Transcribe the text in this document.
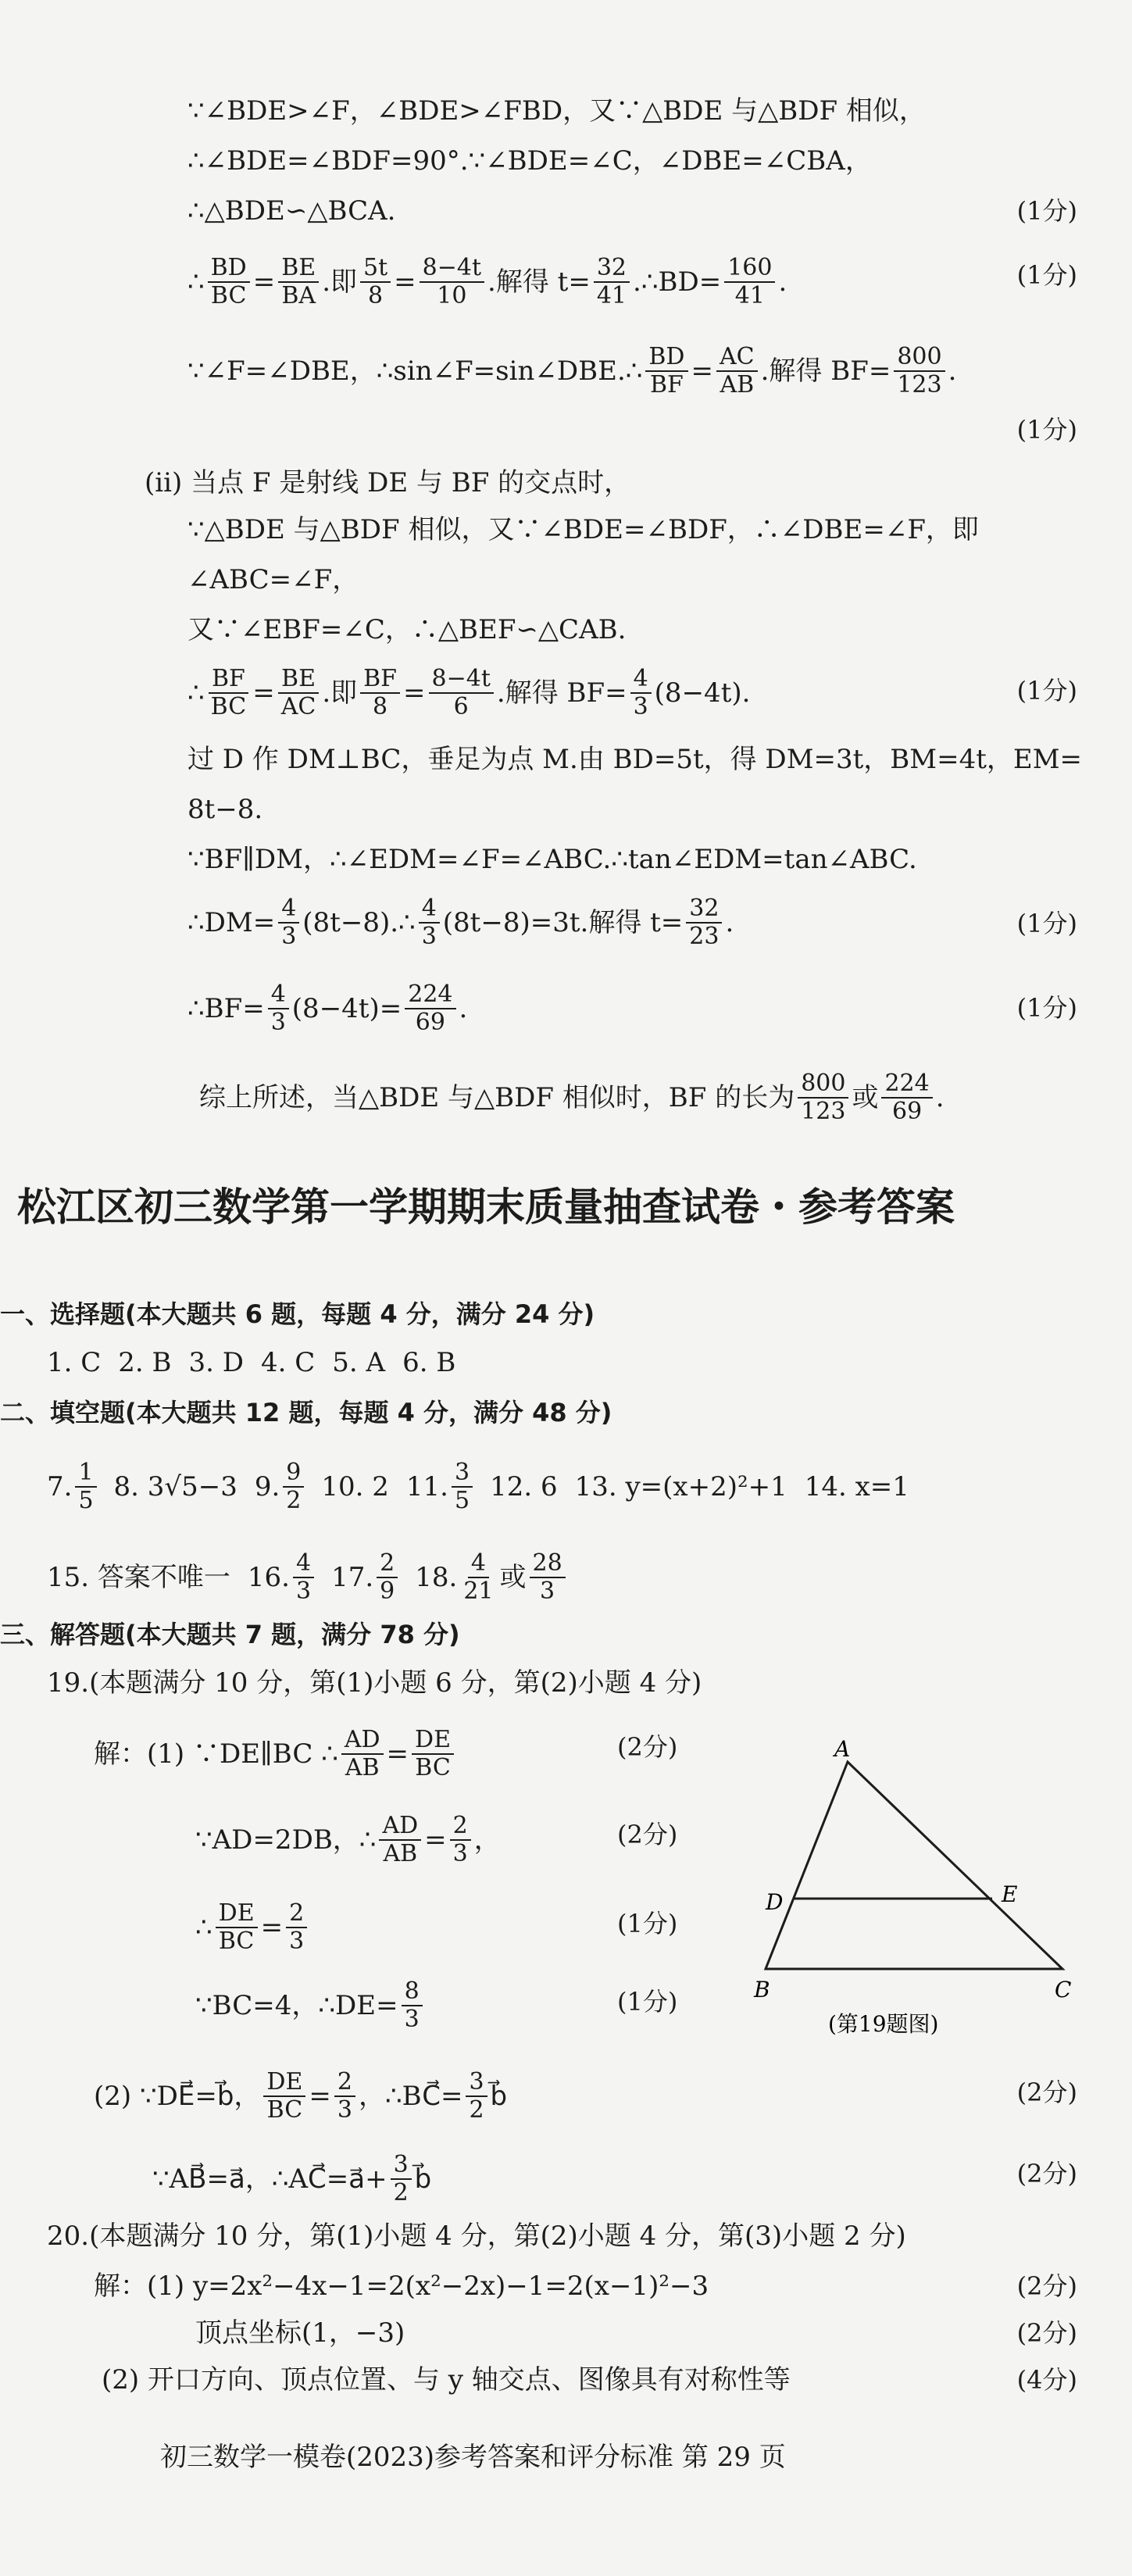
∵∠BDE>∠F，∠BDE>∠FBD，又∵△BDE 与△BDF 相似，
∴∠BDE=∠BDF=90°.∵∠BDE=∠C，∠DBE=∠CBA，
∴△BDE∽△BCA.	(1分)
∴ $\frac{BD}{BC} = \frac{BE}{BA}$ .即 $\frac{5t}{8} = \frac{8-4t}{10}$ .解得 $t= \frac{32}{41}$ .∴BD= $\frac{160}{41}$ .	(1分)
∵∠F=∠DBE，∴sin∠F=sin∠DBE.∴ $\frac{BD}{BF} = \frac{AC}{AB}$ .解得 $BF= \frac{800}{123}$ .
(1分)
(ii) 当点 F 是射线 DE 与 BF 的交点时，
∵△BDE 与△BDF 相似，又∵∠BDE=∠BDF，∴∠DBE=∠F，即
∠ABC=∠F，
又∵∠EBF=∠C，∴△BEF∽△CAB.
∴ $\frac{BF}{BC} = \frac{BE}{AC}$ .即 $\frac{BF}{8} = \frac{8-4t}{6}$ .解得 $BF= \frac{4}{3} (8-4t)$.	(1分)
过 D 作 DM⊥BC，垂足为点 M.由 BD=5t，得 DM=3t，BM=4t，EM=
8t−8.
∵BF∥DM，∴∠EDM=∠F=∠ABC.∴tan∠EDM=tan∠ABC.
∴DM= $\frac{4}{3}$ (8t−8).∴ $\frac{4}{3} (8t-8)=3t$.解得 $t= \frac{32}{23}$ .	(1分)
∴BF= $\frac{4}{3} (8-4t)= \frac{224}{69}$ .	(1分)
综上所述，当△BDE 与△BDF 相似时，BF 的长为 $\frac{800}{123}$ 或 $\frac{224}{69}$ .
松江区初三数学第一学期期末质量抽查试卷・参考答案
一、选择题(本大题共 6 题，每题 4 分，满分 24 分)
1. C 2. B 3. D 4. C 5. A 6. B
二、填空题(本大题共 12 题，每题 4 分，满分 48 分)
7. $\frac{1}{5} 8$. 3√5−3 9. $\frac{9}{2} 10$. 2 11. $\frac{3}{5} 12$. 6 13. y=(x+2)²+1 14. x=1
15. 答案不唯一 16. $\frac{4}{3} 17$. $\frac{2}{9} 18$. $\frac{4}{21}$ 或 $\frac{28}{3}$
三、解答题(本大题共 7 题，满分 78 分)
19.(本题满分 10 分，第(1)小题 6 分，第(2)小题 4 分)
解：(1) ∵DE∥BC ∴ $\frac{AD}{AB} = \frac{DE}{BC}$	(2分)
∵AD=2DB，∴ $\frac{AD}{AB} = \frac{2}{3}$ ，	(2分)
∴ $\frac{DE}{BC} = \frac{2}{3}$	(1分)
∵BC=4，∴DE= $\frac{8}{3}$	(1分)
A
D	E
B	C
(第19题图)
(2) ∵DE⃗=b⃗， $\frac{DE}{BC} = \frac{2}{3}$ ，∴BC⃗= $\frac{3}{2}$ b⃗	(2分)
∵AB⃗=a⃗，∴AC⃗=a⃗+ $\frac{3}{2}$ b⃗	(2分)
20.(本题满分 10 分，第(1)小题 4 分，第(2)小题 4 分，第(3)小题 2 分)
解：(1) y=2x²−4x−1=2(x²−2x)−1=2(x−1)²−3	(2分)
顶点坐标(1，−3)	(2分)
(2) 开口方向、顶点位置、与 y 轴交点、图像具有对称性等	(4分)
初三数学一模卷(2023)参考答案和评分标准 第 29 页
